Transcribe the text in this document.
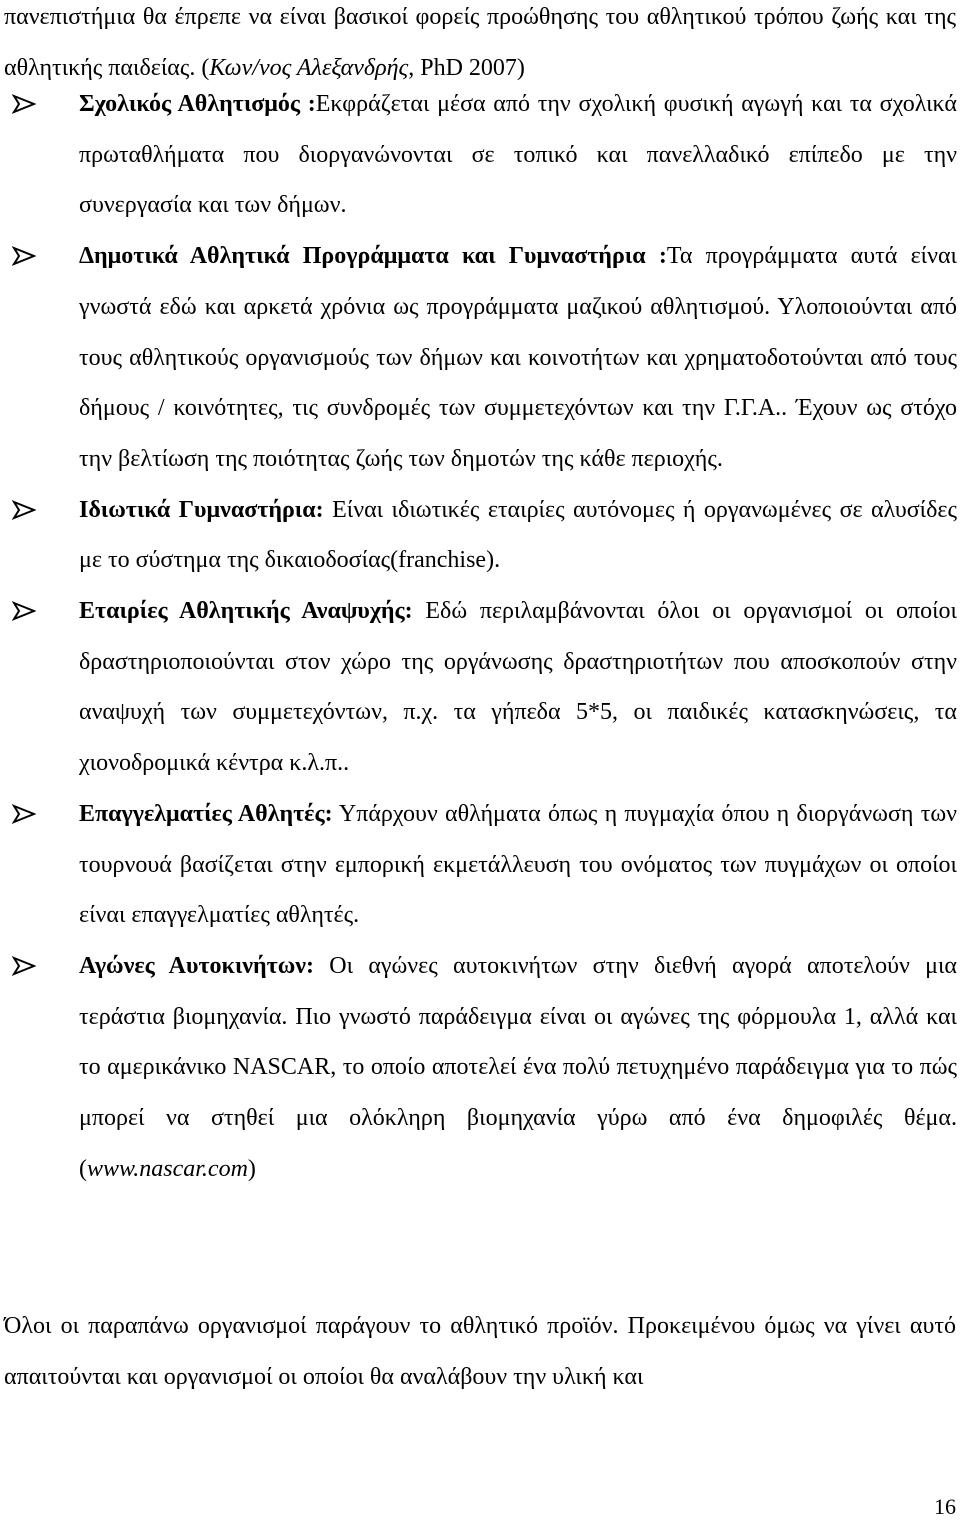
πανεπιστήμια θα έπρεπε να είναι βασικοί φορείς προώθησης του αθλητικού τρόπου ζωής και της αθλητικής παιδείας. (Κων/νος Αλεξανδρής, PhD 2007)

Σχολικός Αθλητισμός :Εκφράζεται μέσα από την σχολική φυσική αγωγή και τα σχολικά πρωταθλήματα που διοργανώνονται σε τοπικό και πανελλαδικό επίπεδο με την συνεργασία και των δήμων.
Δημοτικά Αθλητικά Προγράμματα και Γυμναστήρια :Τα προγράμματα αυτά είναι γνωστά εδώ και αρκετά χρόνια ως προγράμματα μαζικού αθλητισμού. Υλοποιούνται από τους αθλητικούς οργανισμούς των δήμων και κοινοτήτων και χρηματοδοτούνται από τους δήμους / κοινότητες, τις συνδρομές των συμμετεχόντων και την Γ.Γ.Α.. Έχουν ως στόχο την βελτίωση της ποιότητας ζωής των δημοτών της κάθε περιοχής.
Ιδιωτικά Γυμναστήρια: Είναι ιδιωτικές εταιρίες αυτόνομες ή οργανωμένες σε αλυσίδες με το σύστημα της δικαιοδοσίας(franchise).
Εταιρίες Αθλητικής Αναψυχής: Εδώ περιλαμβάνονται όλοι οι οργανισμοί οι οποίοι δραστηριοποιούνται στον χώρο της οργάνωσης δραστηριοτήτων που αποσκοπούν στην αναψυχή των συμμετεχόντων, π.χ. τα γήπεδα 5*5, οι παιδικές κατασκηνώσεις, τα χιονοδρομικά κέντρα κ.λ.π..
Επαγγελματίες Αθλητές: Υπάρχουν αθλήματα όπως η πυγμαχία όπου η διοργάνωση των τουρνουά βασίζεται στην εμπορική εκμετάλλευση του ονόματος των πυγμάχων οι οποίοι είναι επαγγελματίες αθλητές.
Αγώνες Αυτοκινήτων: Οι αγώνες αυτοκινήτων στην διεθνή αγορά αποτελούν μια τεράστια βιομηχανία. Πιο γνωστό παράδειγμα είναι οι αγώνες της φόρμουλα 1, αλλά και το αμερικάνικο NASCAR, το οποίο αποτελεί ένα πολύ πετυχημένο παράδειγμα για το πώς μπορεί να στηθεί μια ολόκληρη βιομηχανία γύρω από ένα δημοφιλές θέμα.(www.nascar.com)

Όλοι οι παραπάνω οργανισμοί παράγουν το αθλητικό προϊόν. Προκειμένου όμως να γίνει αυτό απαιτούνται και οργανισμοί οι οποίοι θα αναλάβουν την υλική και

16
